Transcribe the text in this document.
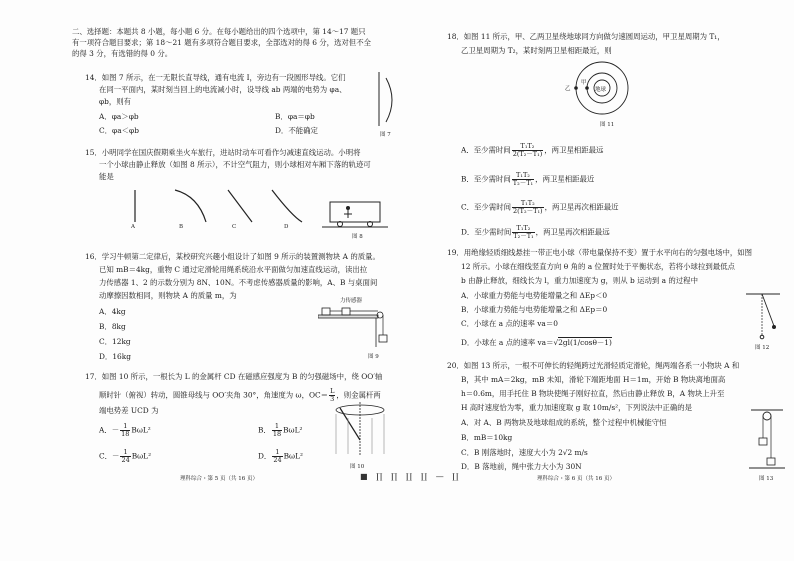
二、选择题：本题共 8 小题，每小题 6 分。在每小题给出的四个选项中，第 14～17 题只
有一项符合题目要求；第 18～21 题有多项符合题目要求，全部选对的得 6 分，选对但不全
的得 3 分，有选错的得 0 分。
14．如图 7 所示，在一无限长直导线，通有电流 I，旁边有一段圆形导线。它们
在同一平面内，某时刻当回上的电流减小时，设导线 ab 两端的电势为 φa、
φb，则有
A．φa＞φb	B．φa＝φb
C．φa＜φb	D．不能确定	图 7
15．小明同学在国庆假期乘坐火车旅行，进站时动车可看作匀减速直线运动。小明将
一个小球由静止释放（如图 8 所示），不计空气阻力，则小球相对车厢下落的轨迹可
能是
A	B	C	D
图 8
16．学习牛顿第二定律后，某校研究兴趣小组设计了如图 9 所示的装置测物块 A 的质量。
已知 mB＝4kg，重物 C 通过定滑轮用绳系统沿水平面做匀加速直线运动，读出拉
力传感器 1、2 的示数分别为 8N、10N。不考虑传感器质量的影响，A、B 与桌面间
动摩擦因数相同，则物块 A 的质量 m，为
A．4kg
B．8kg
C．12kg
D．16kg
力传感器
图 9
17．如图 10 所示，一根长为 L 的金属杆 CD 在磁感应强度为 B 的匀强磁场中，绕 OO′轴
顺时针（俯视）转动，圆锥母线与 OO′夹角 30°，角速度为 ω，$OC= \frac{L}{3}$ ，则金属杆两
端电势差 UCD 为
A．－ $\frac{1}{18} B\omega L^2$	B． $\frac{1}{18} B\omega L^2$
C．－ $\frac{1}{24} B\omega L^2$	D． $\frac{1}{24} B\omega L^2$
图 10
理科综合・第 5 页（共 16 页）	■ ∏ ∏ ∐ ∐ — ∐
18．如图 11 所示，甲、乙两卫星绕地球同方向做匀速圆周运动，甲卫星周期为 T₁，
乙卫星周期为 T₂，某时刻两卫星相距最近，则
地球
甲
乙
图 11
A．至少需时间 $\frac{\text{T₁T₂}}{\text{2(T₂－T₁)}}$ ，两卫星相距最远
B．至少需时间 $\frac{\text{T₁T₂}}{\text{T₂－T₁}}$ ，两卫星相距最近
C．至少需时间 $\frac{\text{T₁T₂}}{\text{2(T₂－T₁)}}$ ，两卫星再次相距最近
D．至少需时间 $\frac{\text{T₁T₂}}{\text{T₂－T₁}}$ ，两卫星再次相距最远
19．用绝缘轻质细线悬挂一带正电小球（带电量保持不变）置于水平向右的匀强电场中，如图
12 所示。小球在细线竖直方向 θ 角的 a 位置时处于平衡状态，若将小球拉到最低点
b 由静止释放，细线长为 l，重力加速度为 g，则从 b 运动到 a 的过程中
A．小球重力势能与电势能增量之和 ΔEp＜0
B．小球重力势能与电势能增量之和 ΔEp＝0
C．小球在 a 点的速率 va＝0
D．小球在 a 点的速率 va＝√2gl(1/cosθ－1)
图 12
20．如图 13 所示，一根不可伸长的轻绳跨过光滑轻质定滑轮，绳两端各系一小物块 A 和
B，其中 mA＝2kg，mB 未知，滑轮下端距地面 H＝1m，开始 B 物块离地面高
h＝0.6m，用手托住 B 物块使绳子刚好拉直，然后由静止释放 B，A 物块上升至
H 高时速度恰为零，重力加速度取 g 取 10m/s²，下列说法中正确的是
A．对 A、B 两物块及地球组成的系统，整个过程中机械能守恒
B．mB＝10kg
C．B 刚落地时，速度大小为 2√2 m/s
D．B 落地前，绳中张力大小为 30N
图 13
理科综合・第 6 页（共 16 页）
